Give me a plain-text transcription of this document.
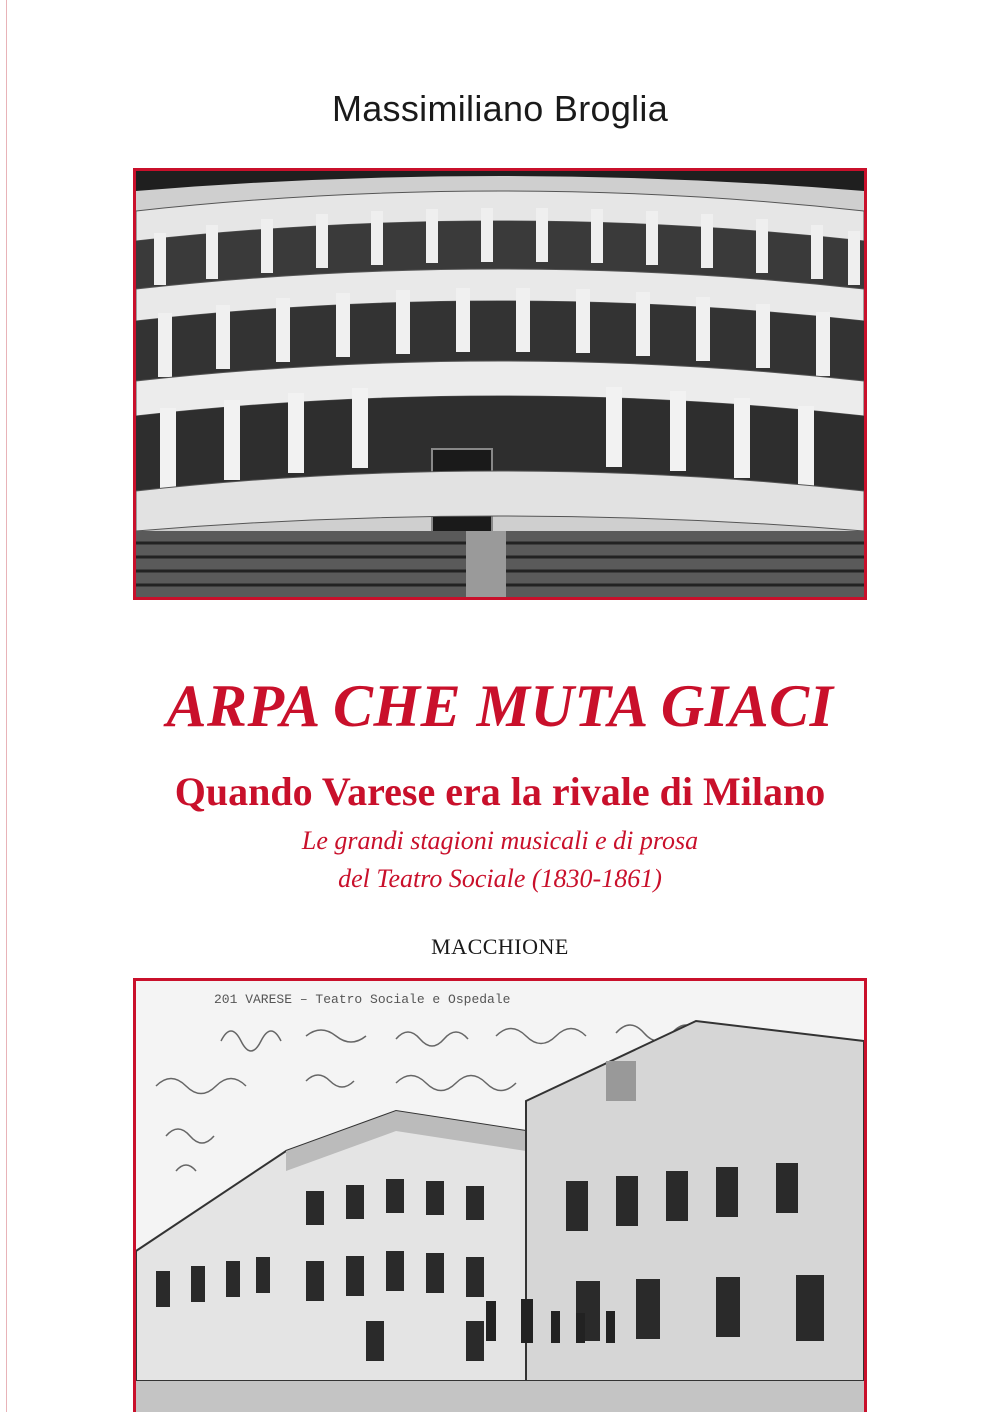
Massimiliano Broglia
ARPA CHE MUTA GIACI
Quando Varese era la rivale di Milano
Le grandi stagioni musicali e di prosa
del Teatro Sociale (1830-1861)
MACCHIONE
201 VARESE – Teatro Sociale e Ospedale
